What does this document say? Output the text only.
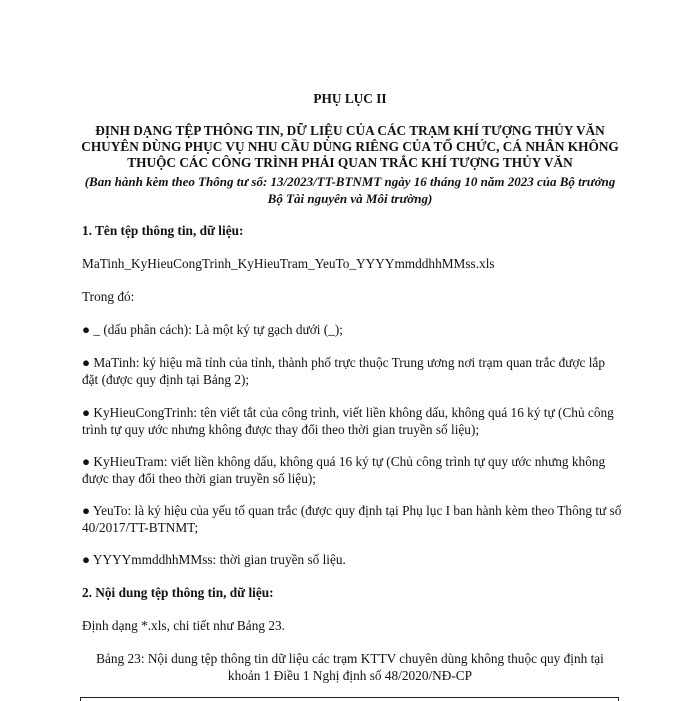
PHỤ LỤC II
ĐỊNH DẠNG TỆP THÔNG TIN, DỮ LIỆU CỦA CÁC TRẠM KHÍ TƯỢNG THỦY VĂN CHUYÊN DÙNG PHỤC VỤ NHU CẦU DÙNG RIÊNG CỦA TỔ CHỨC, CÁ NHÂN KHÔNG THUỘC CÁC CÔNG TRÌNH PHẢI QUAN TRẮC KHÍ TƯỢNG THỦY VĂN
(Ban hành kèm theo Thông tư số: 13/2023/TT-BTNMT ngày 16 tháng 10 năm 2023 của Bộ trưởng Bộ Tài nguyên và Môi trường)
1. Tên tệp thông tin, dữ liệu:
MaTinh_KyHieuCongTrinh_KyHieuTram_YeuTo_YYYYmmddhhMMss.xls
Trong đó:
● _ (dấu phân cách): Là một ký tự gạch dưới (_);
● MaTinh: ký hiệu mã tỉnh của tỉnh, thành phố trực thuộc Trung ương nơi trạm quan trắc được lắp đặt (được quy định tại Bảng 2);
● KyHieuCongTrinh: tên viết tắt của công trình, viết liền không dấu, không quá 16 ký tự (Chủ công trình tự quy ước nhưng không được thay đổi theo thời gian truyền số liệu);
● KyHieuTram: viết liền không dấu, không quá 16 ký tự (Chủ công trình tự quy ước nhưng không được thay đổi theo thời gian truyền số liệu);
● YeuTo: là ký hiệu của yếu tố quan trắc (được quy định tại Phụ lục I ban hành kèm theo Thông tư số 40/2017/TT-BTNMT;
● YYYYmmddhhMMss: thời gian truyền số liệu.
2. Nội dung tệp thông tin, dữ liệu:
Định dạng *.xls, chi tiết như Bảng 23.
Bảng 23: Nội dung tệp thông tin dữ liệu các trạm KTTV chuyên dùng không thuộc quy định tại khoản 1 Điều 1 Nghị định số 48/2020/NĐ-CP
